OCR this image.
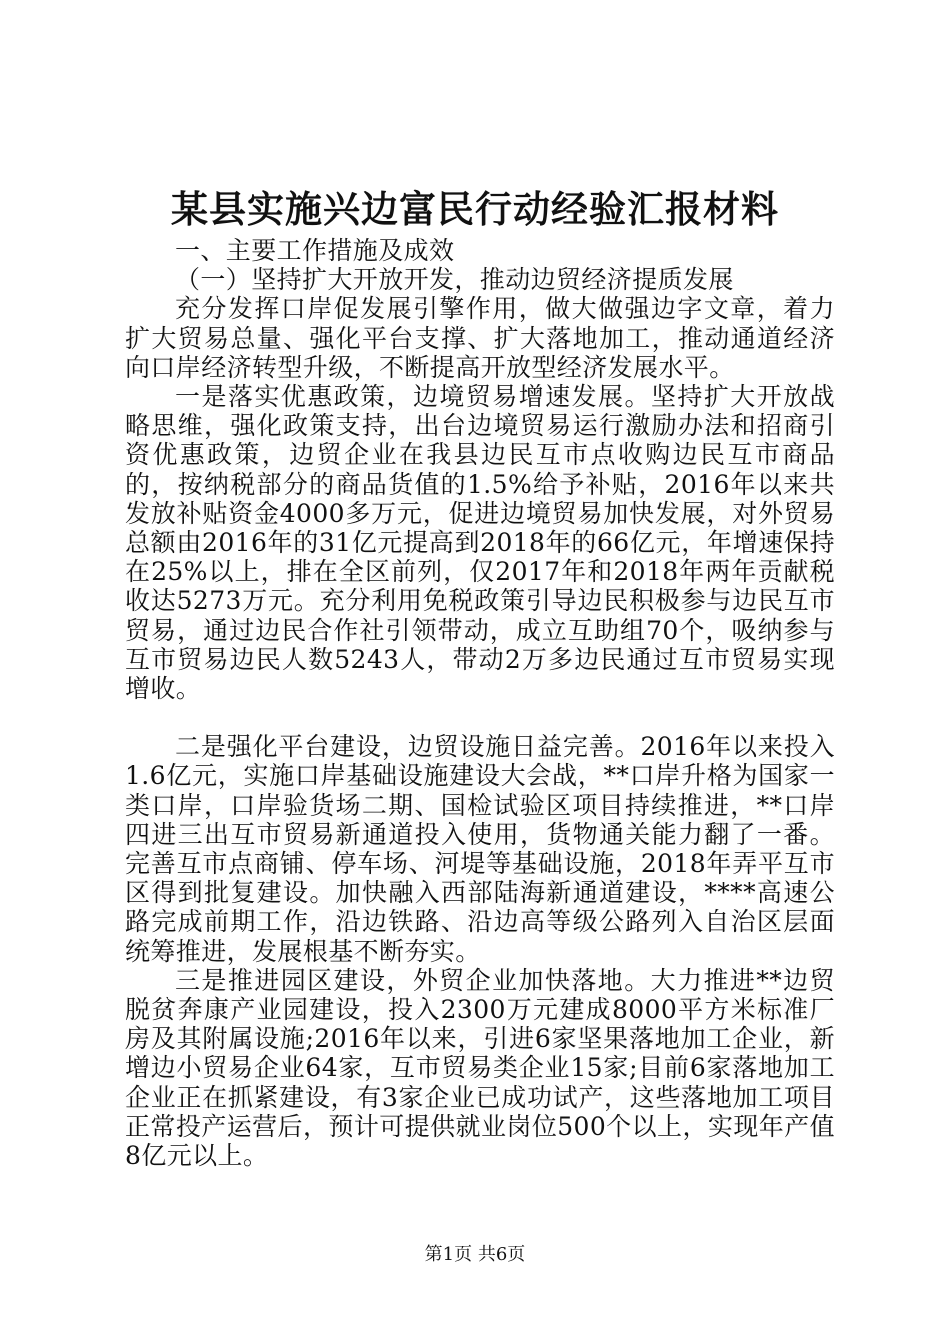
某县实施兴边富民行动经验汇报材料

一、主要工作措施及成效

（一）坚持扩大开放开发，推动边贸经济提质发展

充分发挥口岸促发展引擎作用，做大做强边字文章，着力扩大贸易总量、强化平台支撑、扩大落地加工，推动通道经济向口岸经济转型升级，不断提高开放型经济发展水平。

一是落实优惠政策，边境贸易增速发展。坚持扩大开放战略思维，强化政策支持，出台边境贸易运行激励办法和招商引资优惠政策，边贸企业在我县边民互市点收购边民互市商品的，按纳税部分的商品货值的1.5%给予补贴，2016年以来共发放补贴资金4000多万元，促进边境贸易加快发展，对外贸易总额由2016年的31亿元提高到2018年的66亿元，年增速保持在25%以上，排在全区前列，仅2017年和2018年两年贡献税收达5273万元。充分利用免税政策引导边民积极参与边民互市贸易，通过边民合作社引领带动，成立互助组70个，吸纳参与互市贸易边民人数5243人，带动2万多边民通过互市贸易实现增收。

二是强化平台建设，边贸设施日益完善。2016年以来投入1.6亿元，实施口岸基础设施建设大会战，**口岸升格为国家一类口岸，口岸验货场二期、国检试验区项目持续推进，**口岸四进三出互市贸易新通道投入使用，货物通关能力翻了一番。完善互市点商铺、停车场、河堤等基础设施，2018年弄平互市区得到批复建设。加快融入西部陆海新通道建设，****高速公路完成前期工作，沿边铁路、沿边高等级公路列入自治区层面统筹推进，发展根基不断夯实。

三是推进园区建设，外贸企业加快落地。大力推进**边贸脱贫奔康产业园建设，投入2300万元建成8000平方米标准厂房及其附属设施;2016年以来，引进6家坚果落地加工企业，新增边小贸易企业64家，互市贸易类企业15家;目前6家落地加工企业正在抓紧建设，有3家企业已成功试产，这些落地加工项目正常投产运营后，预计可提供就业岗位500个以上，实现年产值8亿元以上。

第1页 共6页
